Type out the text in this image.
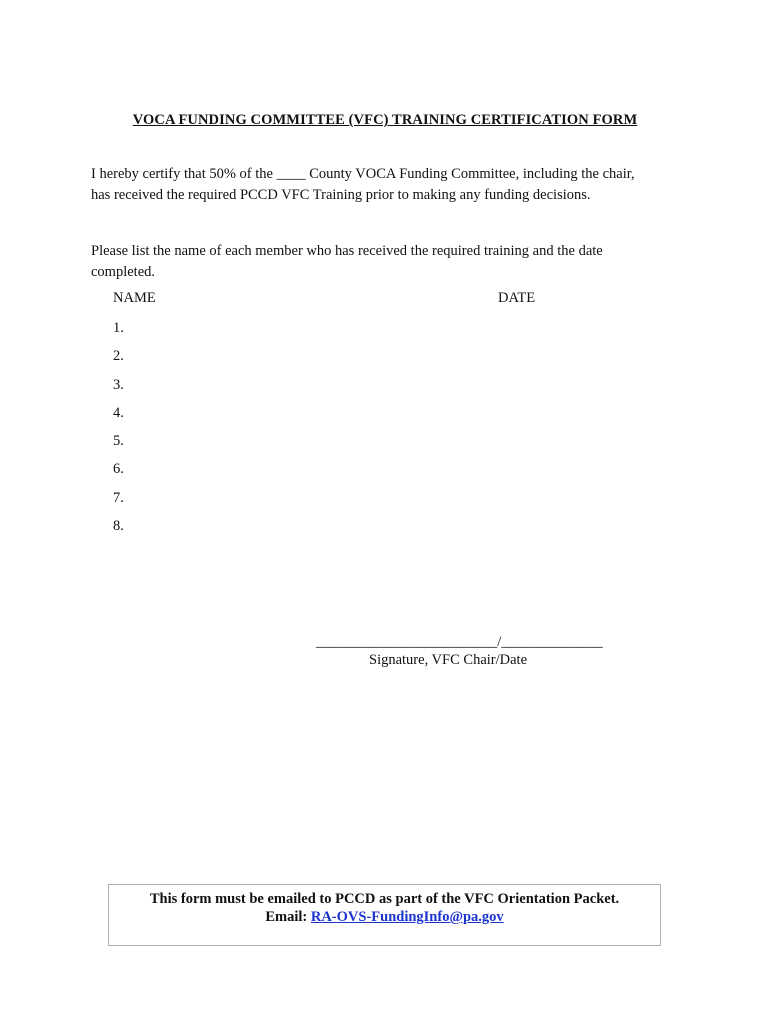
VOCA FUNDING COMMITTEE (VFC) TRAINING CERTIFICATION FORM
I hereby certify that 50% of the ____ County VOCA Funding Committee, including the chair,
has received the required PCCD VFC Training prior to making any funding decisions.
Please list the name of each member who has received the required training and the date
completed.
NAME	DATE
1.
2.
3.
4.
5.
6.
7.
8.
_________________________/______________
Signature, VFC Chair/Date
This form must be emailed to PCCD as part of the VFC Orientation Packet.
Email: RA-OVS-FundingInfo@pa.gov
